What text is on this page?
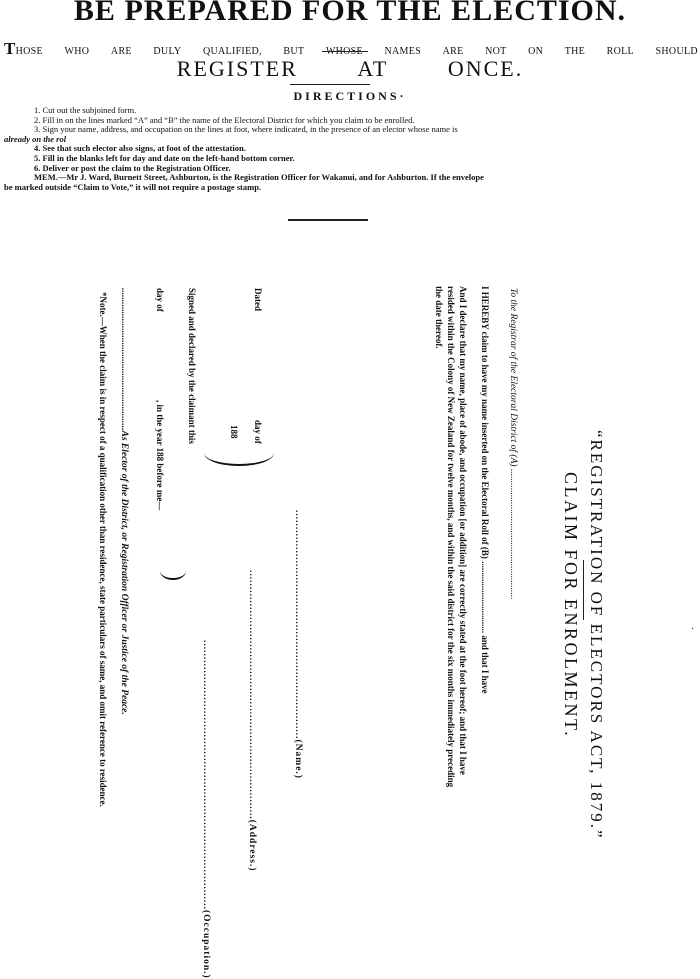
BE PREPARED FOR THE ELECTION.
THOSE WHO ARE DULY QUALIFIED, BUT	NAMES ARE NOT ON THE ROLL SHOULD
REGISTER	AT	ONCE.
DIRECTIONS·
1. Cut out the subjoined form.
2. Fill in on the lines marked “A” and “B” the name of the Electoral District for which you claim to be enrolled.
3. Sign your name, address, and occupation on the lines at foot, where indicated, in the presence of an elector whose name is
already on the rol
4. See that such elector also signs, at foot of the attestation.
5. Fill in the blanks left for day and date on the left-hand bottom corner.
6. Deliver or post the claim to the Registration Officer.
MEM.—Mr J. Ward, Burnett Street, Ashburton, is the Registration Officer for Wakanui, and for Ashburton. If the envelope
be marked outside “Claim to Vote,” it will not require a postage stamp.
“REGISTRATION OF ELECTORS ACT, 1879.”
CLAIM FOR ENROLMENT.
To the Registrar of the Electoral District of (A) .......................................................
I HEREBY claim to have my name inserted on the Electoral Roll of (B) ................................ and that I have
And I declare that my name, place of abode, and occupation [or addition] are correctly stated at the foot hereof; and that I have
resided within the Colony of New Zealand for twelve months, and within the said district for the six months immediately preceding
the date thereof.
....................................................................(Name.)
..........................................................................(Address.)
................................................................................(Occupation.)
Dated
day of
188
Signed and declared by the claimant this
day of
, in the year 188 before me—
............................................................As Elector of the District, or Registration Officer or Justice of the Peace.
*Note.—When the claim is in respect of a qualification other than residence, state particulars of same, and omit reference to residence.	·
